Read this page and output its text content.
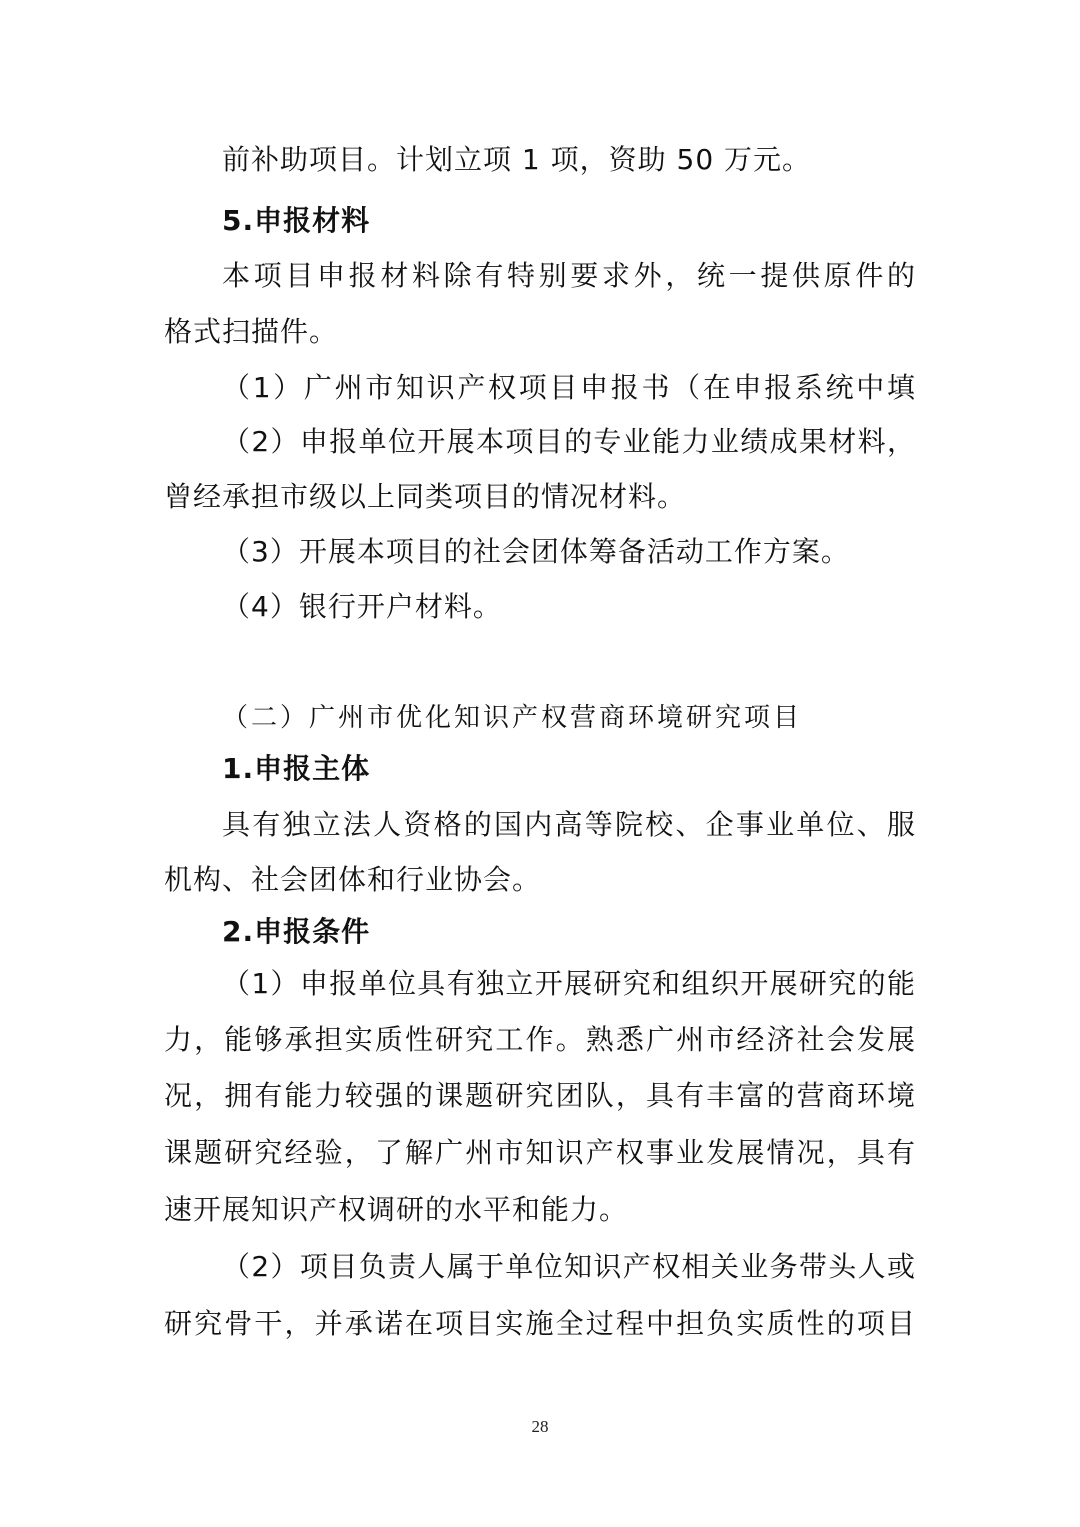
前补助项目。计划立项 1 项，资助 50 万元。
5.申报材料
本项目申报材料除有特别要求外，统一提供原件的
格式扫描件。
（1）广州市知识产权项目申报书（在申报系统中填
（2）申报单位开展本项目的专业能力业绩成果材料，
曾经承担市级以上同类项目的情况材料。
（3）开展本项目的社会团体筹备活动工作方案。
（4）银行开户材料。
（二）广州市优化知识产权营商环境研究项目
1.申报主体
具有独立法人资格的国内高等院校、企事业单位、服
机构、社会团体和行业协会。
2.申报条件
（1）申报单位具有独立开展研究和组织开展研究的能
力，能够承担实质性研究工作。熟悉广州市经济社会发展
况，拥有能力较强的课题研究团队，具有丰富的营商环境
课题研究经验，了解广州市知识产权事业发展情况，具有
速开展知识产权调研的水平和能力。
（2）项目负责人属于单位知识产权相关业务带头人或
研究骨干，并承诺在项目实施全过程中担负实质性的项目
28
